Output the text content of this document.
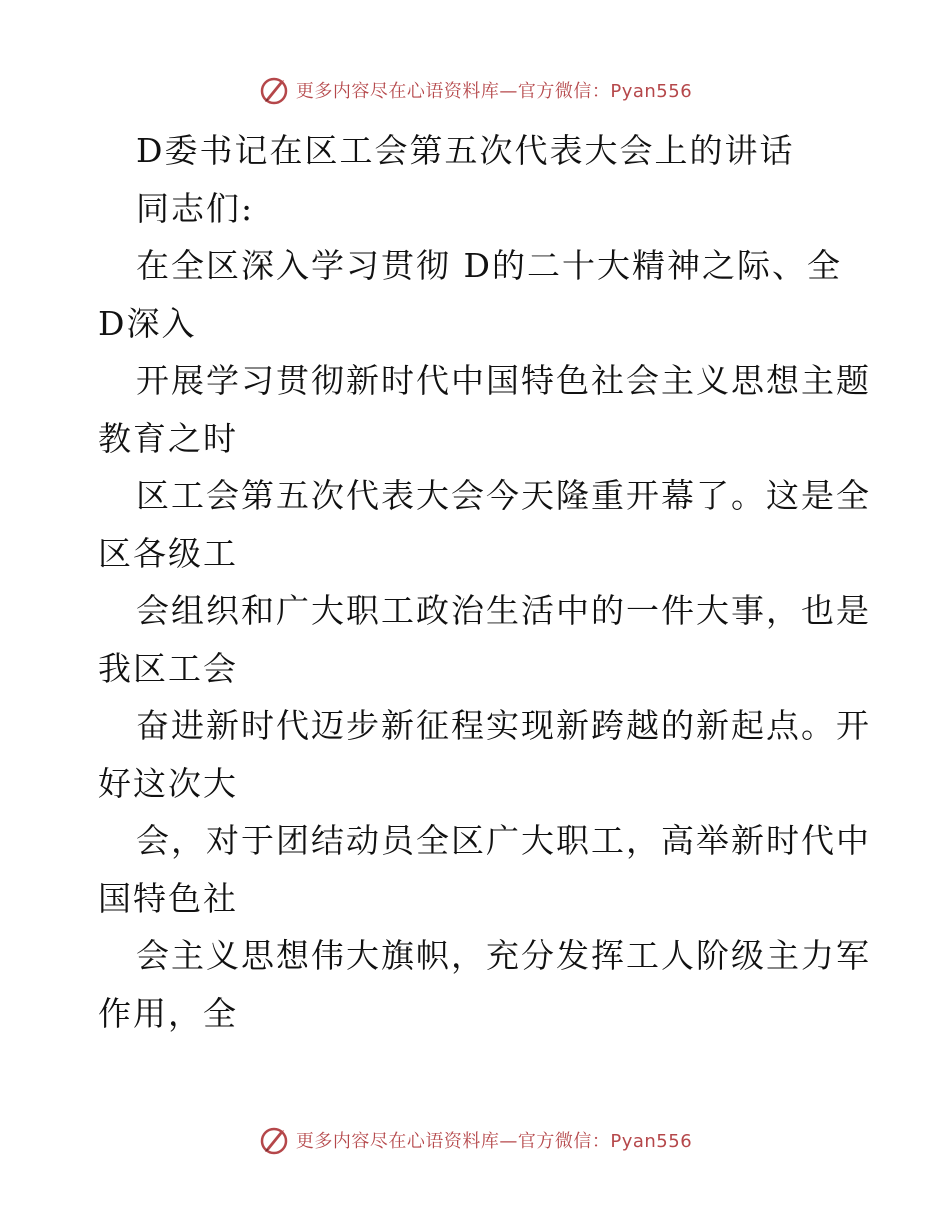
更多内容尽在心语资料库—官方微信：Pyan556
D委书记在区工会第五次代表大会上的讲话
同志们:
在全区深入学习贯彻 D的二十大精神之际、全
D深入
开展学习贯彻新时代中国特色社会主义思想主题
教育之时
区工会第五次代表大会今天隆重开幕了。这是全
区各级工
会组织和广大职工政治生活中的一件大事，也是
我区工会
奋进新时代迈步新征程实现新跨越的新起点。开
好这次大
会，对于团结动员全区广大职工，高举新时代中
国特色社
会主义思想伟大旗帜，充分发挥工人阶级主力军
作用，全
更多内容尽在心语资料库—官方微信：Pyan556
